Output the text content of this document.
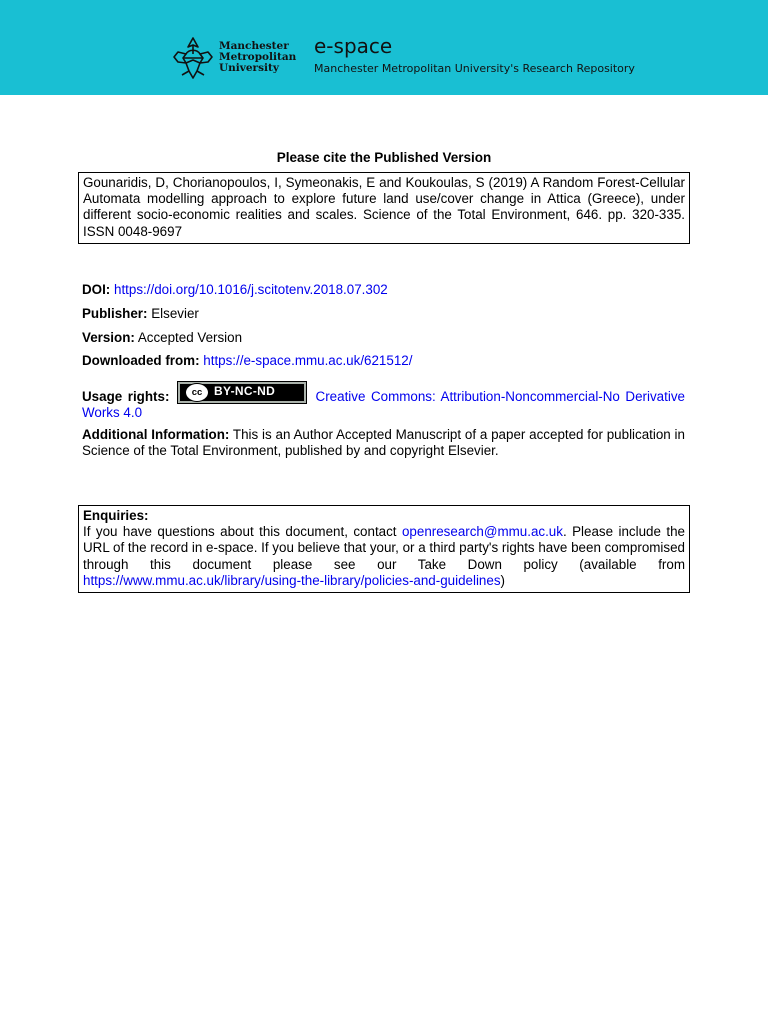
Manchester
Metropolitan
University
e-space
Manchester Metropolitan University's Research Repository
Please cite the Published Version
Gounaridis, D, Chorianopoulos, I, Symeonakis, E and Koukoulas, S (2019) A Random Forest-Cellular Automata modelling approach to explore future land use/cover change in Attica (Greece), under different socio-economic realities and scales. Science of the Total Environment, 646. pp. 320-335. ISSN 0048-9697
DOI: https://doi.org/10.1016/j.scitotenv.2018.07.302
Publisher: Elsevier
Version: Accepted Version
Downloaded from: https://e-space.mmu.ac.uk/621512/
Usage rights:	cc BY-NC-ND	Creative Commons: Attribution-Noncommercial-No Derivative Works 4.0
Additional Information: This is an Author Accepted Manuscript of a paper accepted for publication in Science of the Total Environment, published by and copyright Elsevier.
Enquiries:
If you have questions about this document, contact openresearch@mmu.ac.uk. Please include the URL of the record in e-space. If you believe that your, or a third party's rights have been compromised through this document please see our Take Down policy (available from https://www.mmu.ac.uk/library/using-the-library/policies-and-guidelines)
